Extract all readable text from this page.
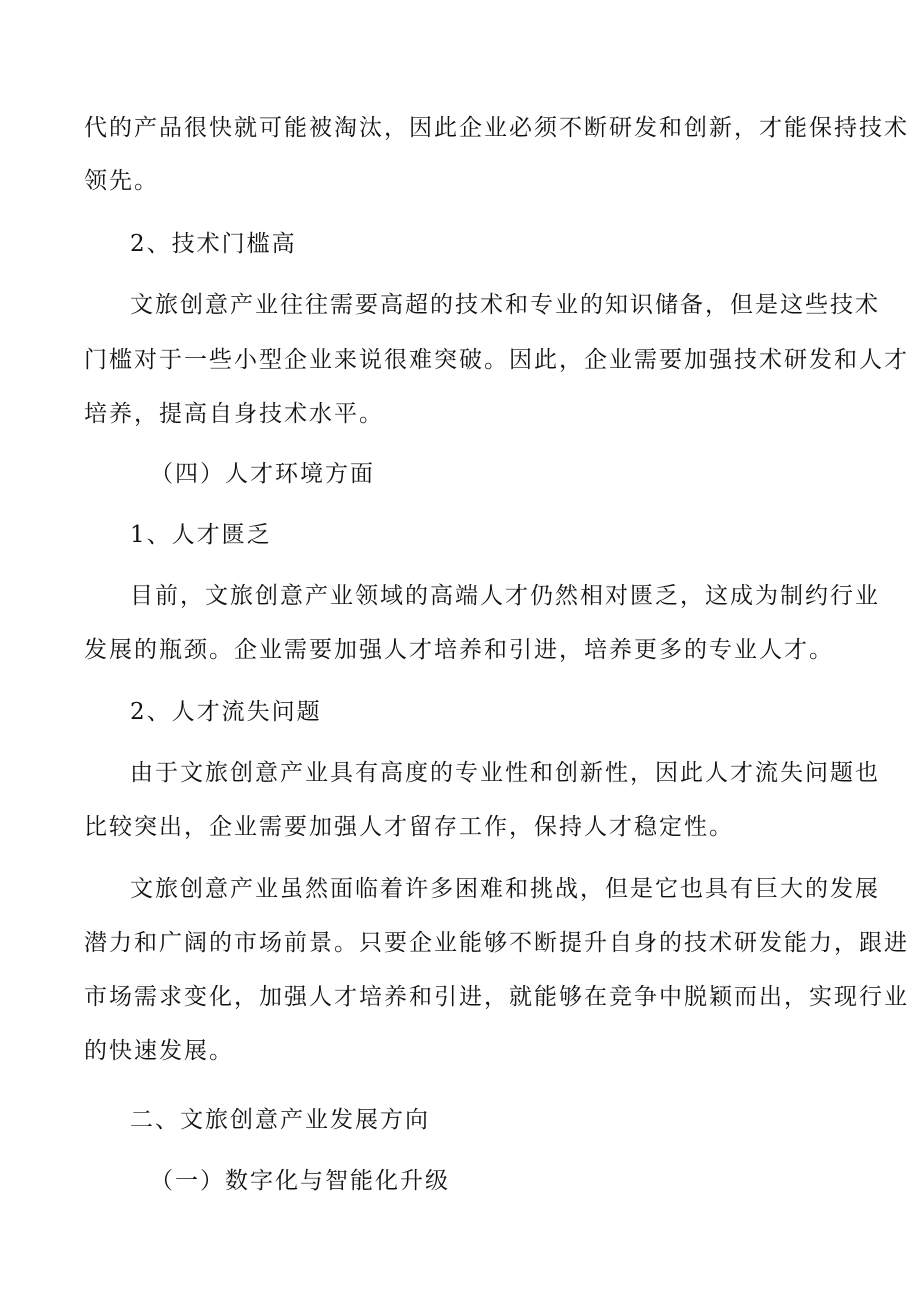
代的产品很快就可能被淘汰，因此企业必须不断研发和创新，才能保持技术
领先。
2、技术门槛高
文旅创意产业往往需要高超的技术和专业的知识储备，但是这些技术
门槛对于一些小型企业来说很难突破。因此，企业需要加强技术研发和人才
培养，提高自身技术水平。
（四）人才环境方面
1、人才匮乏
目前，文旅创意产业领域的高端人才仍然相对匮乏，这成为制约行业
发展的瓶颈。企业需要加强人才培养和引进，培养更多的专业人才。
2、人才流失问题
由于文旅创意产业具有高度的专业性和创新性，因此人才流失问题也
比较突出，企业需要加强人才留存工作，保持人才稳定性。
文旅创意产业虽然面临着许多困难和挑战，但是它也具有巨大的发展
潜力和广阔的市场前景。只要企业能够不断提升自身的技术研发能力，跟进
市场需求变化，加强人才培养和引进，就能够在竞争中脱颖而出，实现行业
的快速发展。
二、文旅创意产业发展方向
（一）数字化与智能化升级
